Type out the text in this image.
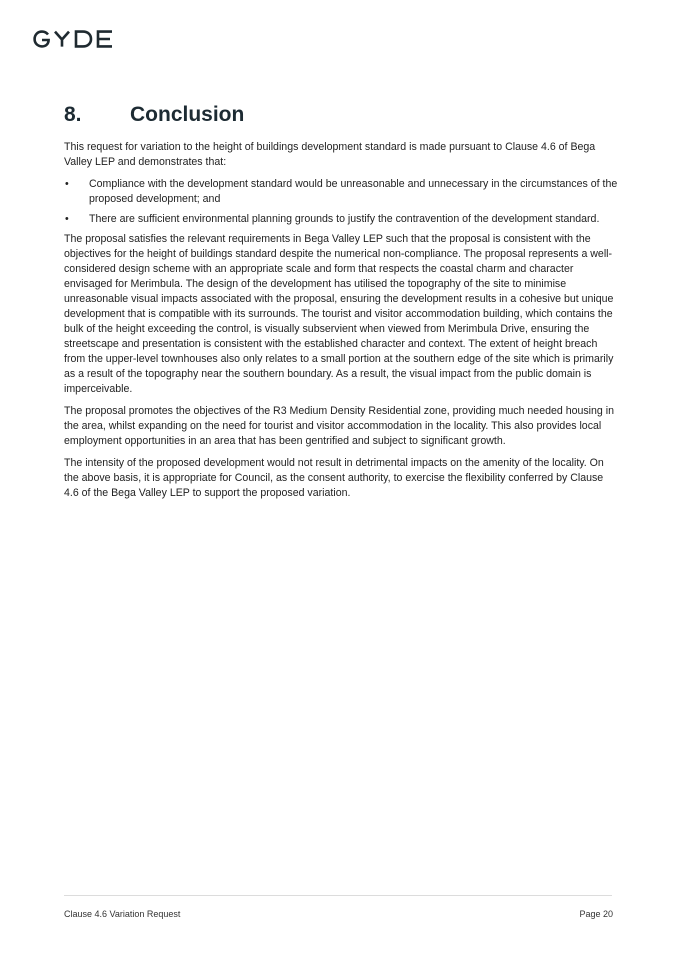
8.	Conclusion

This request for variation to the height of buildings development standard is made pursuant to Clause 4.6 of Bega Valley LEP and demonstrates that:

• Compliance with the development standard would be unreasonable and unnecessary in the circumstances of the proposed development; and
• There are sufficient environmental planning grounds to justify the contravention of the development standard.

The proposal satisfies the relevant requirements in Bega Valley LEP such that the proposal is consistent with the objectives for the height of buildings standard despite the numerical non-compliance. The proposal represents a well-considered design scheme with an appropriate scale and form that respects the coastal charm and character envisaged for Merimbula. The design of the development has utilised the topography of the site to minimise unreasonable visual impacts associated with the proposal, ensuring the development results in a cohesive but unique development that is compatible with its surrounds. The tourist and visitor accommodation building, which contains the bulk of the height exceeding the control, is visually subservient when viewed from Merimbula Drive, ensuring the streetscape and presentation is consistent with the established character and context. The extent of height breach from the upper-level townhouses also only relates to a small portion at the southern edge of the site which is primarily as a result of the topography near the southern boundary. As a result, the visual impact from the public domain is imperceivable.

The proposal promotes the objectives of the R3 Medium Density Residential zone, providing much needed housing in the area, whilst expanding on the need for tourist and visitor accommodation in the locality. This also provides local employment opportunities in an area that has been gentrified and subject to significant growth.

The intensity of the proposed development would not result in detrimental impacts on the amenity of the locality. On the above basis, it is appropriate for Council, as the consent authority, to exercise the flexibility conferred by Clause 4.6 of the Bega Valley LEP to support the proposed variation.

Clause 4.6 Variation Request	Page 20
